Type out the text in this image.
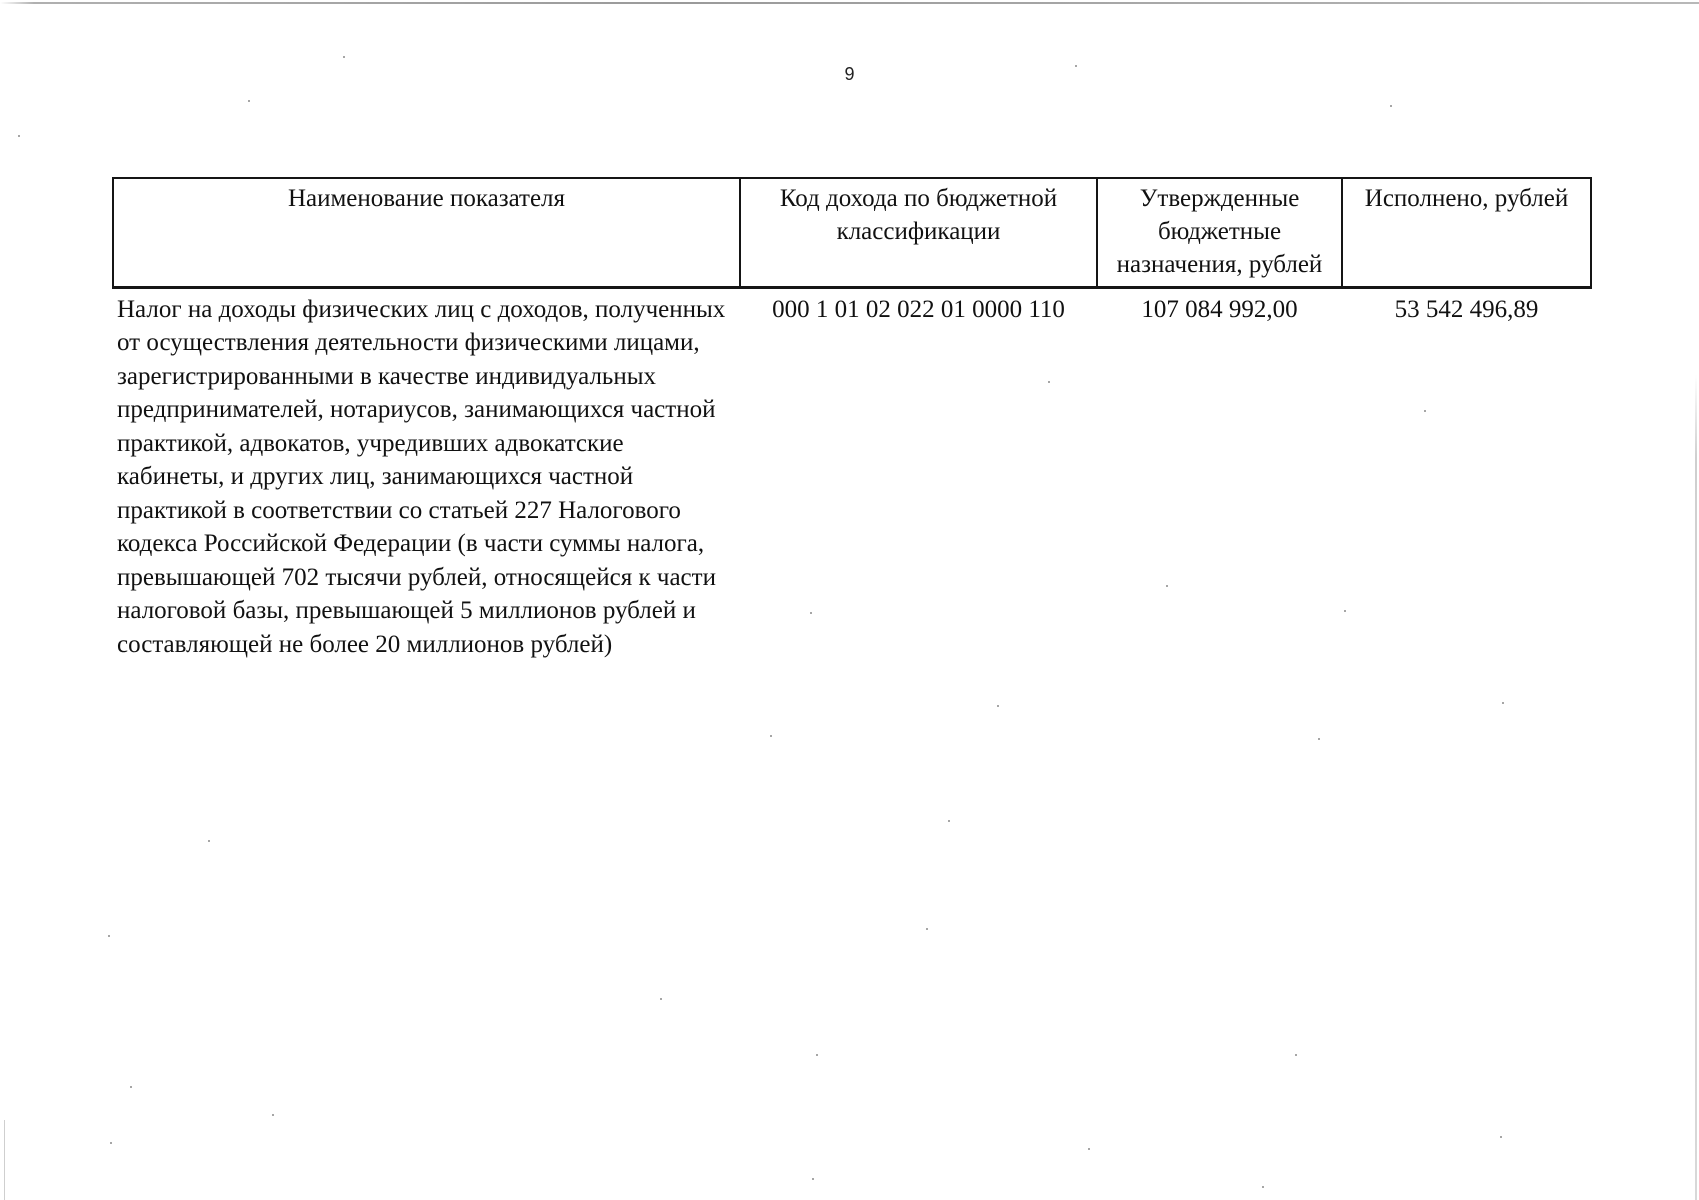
9
Наименование показателя	Код дохода по бюджетной классификации	Утвержденные бюджетные назначения, рублей	Исполнено, рублей
Налог на доходы физических лиц с доходов, полученных от осуществления деятельности физическими лицами, зарегистрированными в качестве индивидуальных предпринимателей, нотариусов, занимающихся частной практикой, адвокатов, учредивших адвокатские кабинеты, и других лиц, занимающихся частной практикой в соответствии со статьей 227 Налогового кодекса Российской Федерации (в части суммы налога, превышающей 702 тысячи рублей, относящейся к части налоговой базы, превышающей 5 миллионов рублей и составляющей не более 20 миллионов рублей)	000 1 01 02 022 01 0000 110	107 084 992,00	53 542 496,89
